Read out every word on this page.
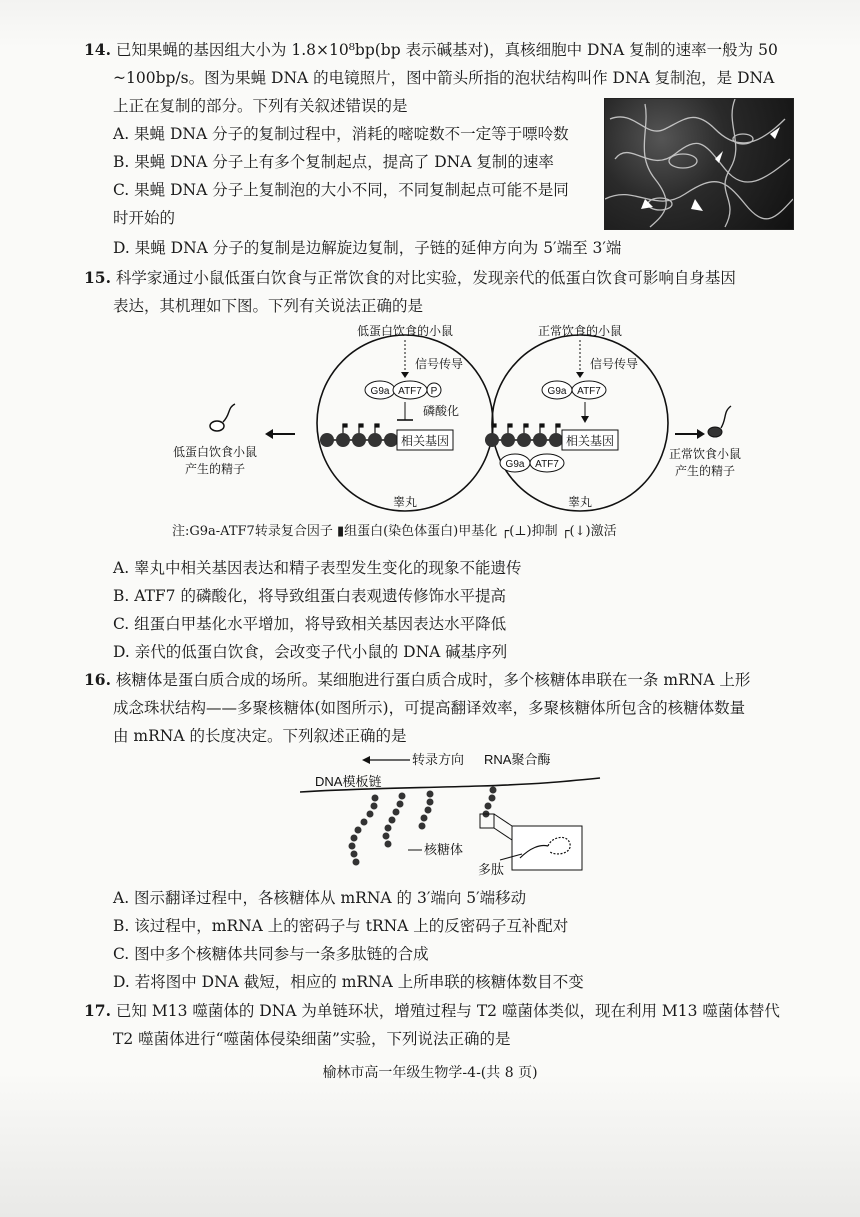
14. 已知果蝇的基因组大小为 1.8×10⁸bp(bp 表示碱基对)，真核细胞中 DNA 复制的速率一般为 50
~100bp/s。图为果蝇 DNA 的电镜照片，图中箭头所指的泡状结构叫作 DNA 复制泡，是 DNA
上正在复制的部分。下列有关叙述错误的是
A. 果蝇 DNA 分子的复制过程中，消耗的嘧啶数不一定等于嘌呤数
B. 果蝇 DNA 分子上有多个复制起点，提高了 DNA 复制的速率
C. 果蝇 DNA 分子上复制泡的大小不同，不同复制起点可能不是同
时开始的
D. 果蝇 DNA 分子的复制是边解旋边复制，子链的延伸方向为 5′端至 3′端
15. 科学家通过小鼠低蛋白饮食与正常饮食的对比实验，发现亲代的低蛋白饮食可影响自身基因
表达，其机理如下图。下列有关说法正确的是
低蛋白饮食的小鼠	正常饮食的小鼠
信号传导	信号传导
G9a ATF7 P
磷酸化
相关基因
睾丸
G9a ATF7
相关基因
G9a ATF7
睾丸
低蛋白饮食小鼠
产生的精子
正常饮食小鼠
产生的精子
注:G9a-ATF7转录复合因子 ▮组蛋白(染色体蛋白)甲基化 ┌(⊥)抑制 ┌(↓)激活
A. 睾丸中相关基因表达和精子表型发生变化的现象不能遗传
B. ATF7 的磷酸化，将导致组蛋白表观遗传修饰水平提高
C. 组蛋白甲基化水平增加，将导致相关基因表达水平降低
D. 亲代的低蛋白饮食，会改变子代小鼠的 DNA 碱基序列
16. 核糖体是蛋白质合成的场所。某细胞进行蛋白质合成时，多个核糖体串联在一条 mRNA 上形
成念珠状结构——多聚核糖体(如图所示)，可提高翻译效率，多聚核糖体所包含的核糖体数量
由 mRNA 的长度决定。下列叙述正确的是
转录方向 RNA聚合酶
DNA模板链
核糖体
多肽
A. 图示翻译过程中，各核糖体从 mRNA 的 3′端向 5′端移动
B. 该过程中，mRNA 上的密码子与 tRNA 上的反密码子互补配对
C. 图中多个核糖体共同参与一条多肽链的合成
D. 若将图中 DNA 截短，相应的 mRNA 上所串联的核糖体数目不变
17. 已知 M13 噬菌体的 DNA 为单链环状，增殖过程与 T2 噬菌体类似，现在利用 M13 噬菌体替代
T2 噬菌体进行“噬菌体侵染细菌”实验，下列说法正确的是
榆林市高一年级生物学-4-(共 8 页)
